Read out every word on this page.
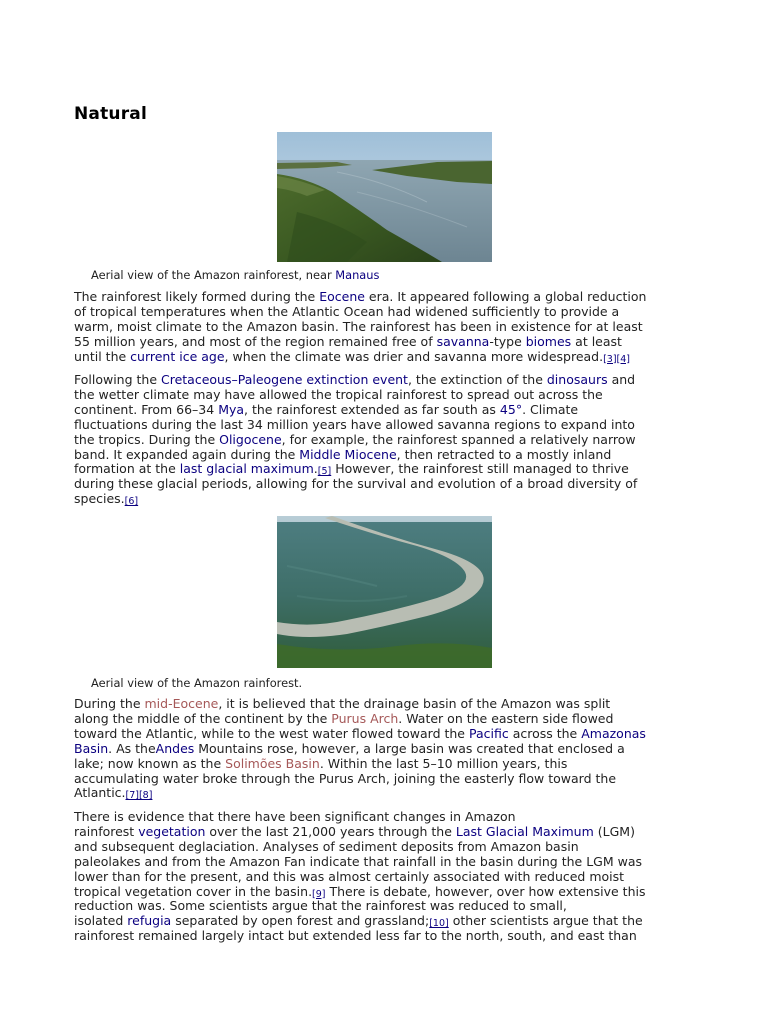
Natural
Aerial view of the Amazon rainforest, near Manaus

The rainforest likely formed during the Eocene era. It appeared following a global reduction
of tropical temperatures when the Atlantic Ocean had widened sufficiently to provide a
warm, moist climate to the Amazon basin. The rainforest has been in existence for at least
55 million years, and most of the region remained free of savanna-type biomes at least
until the current ice age, when the climate was drier and savanna more widespread.[3][4]

Following the Cretaceous–Paleogene extinction event, the extinction of the dinosaurs and
the wetter climate may have allowed the tropical rainforest to spread out across the
continent. From 66–34 Mya, the rainforest extended as far south as 45°. Climate
fluctuations during the last 34 million years have allowed savanna regions to expand into
the tropics. During the Oligocene, for example, the rainforest spanned a relatively narrow
band. It expanded again during the Middle Miocene, then retracted to a mostly inland
formation at the last glacial maximum.[5] However, the rainforest still managed to thrive
during these glacial periods, allowing for the survival and evolution of a broad diversity of
species.[6]

Aerial view of the Amazon rainforest.

During the mid-Eocene, it is believed that the drainage basin of the Amazon was split
along the middle of the continent by the Purus Arch. Water on the eastern side flowed
toward the Atlantic, while to the west water flowed toward the Pacific across the Amazonas
Basin. As theAndes Mountains rose, however, a large basin was created that enclosed a
lake; now known as the Solimões Basin. Within the last 5–10 million years, this
accumulating water broke through the Purus Arch, joining the easterly flow toward the
Atlantic.[7][8]

There is evidence that there have been significant changes in Amazon
rainforest vegetation over the last 21,000 years through the Last Glacial Maximum (LGM)
and subsequent deglaciation. Analyses of sediment deposits from Amazon basin
paleolakes and from the Amazon Fan indicate that rainfall in the basin during the LGM was
lower than for the present, and this was almost certainly associated with reduced moist
tropical vegetation cover in the basin.[9] There is debate, however, over how extensive this
reduction was. Some scientists argue that the rainforest was reduced to small,
isolated refugia separated by open forest and grassland;[10] other scientists argue that the
rainforest remained largely intact but extended less far to the north, south, and east than
